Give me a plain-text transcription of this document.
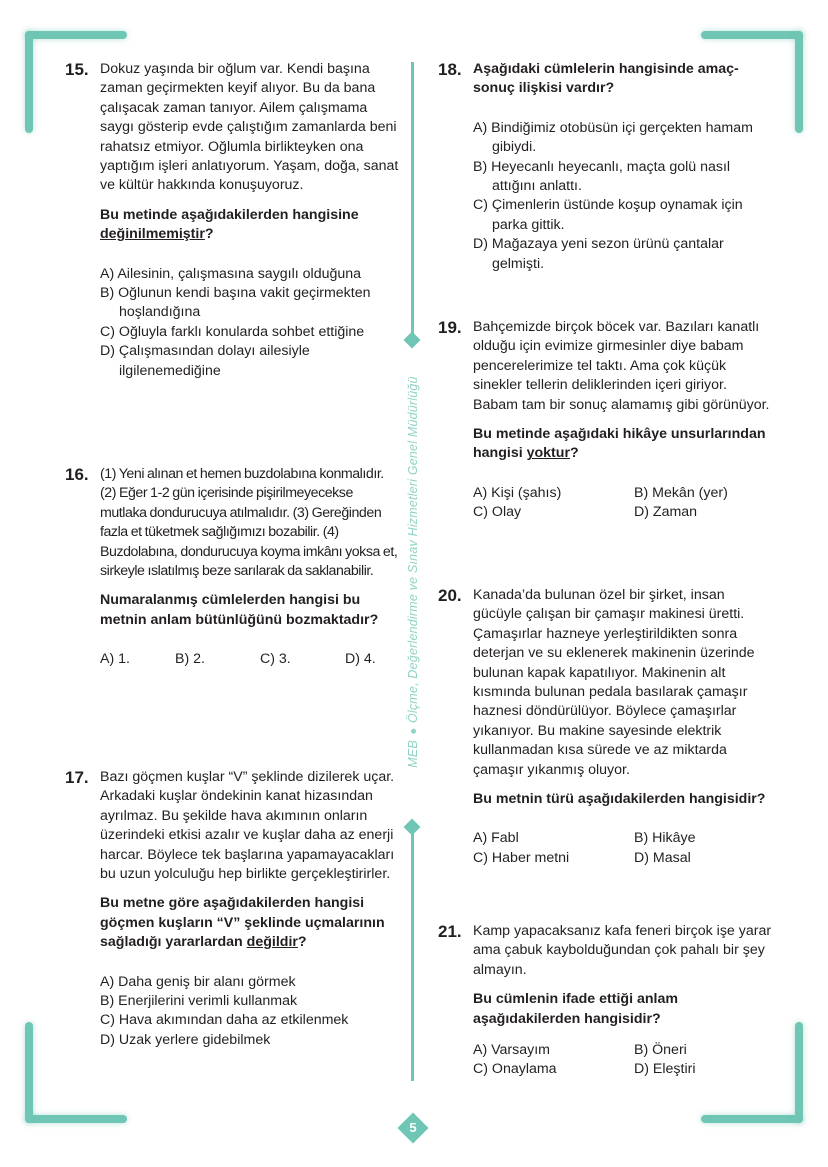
MEBÖlçme, Değerlendirme ve Sınav Hizmetleri Genel Müdürlüğü
5
15. Dokuz yaşında bir oğlum var. Kendi başına zaman geçirmekten keyif alıyor. Bu da bana çalışacak zaman tanıyor. Ailem çalışmama saygı gösterip evde çalıştığım zamanlarda beni rahatsız etmiyor. Oğlumla birlikteyken ona yaptığım işleri anlatıyorum. Yaşam, doğa, sanat ve kültür hakkında konuşuyoruz.

Bu metinde aşağıdakilerden hangisine değinilmemiştir?

A) Ailesinin, çalışmasına saygılı olduğuna
B) Oğlunun kendi başına vakit geçirmekten hoşlandığına
C) Oğluyla farklı konularda sohbet ettiğine
D) Çalışmasından dolayı ailesiyle ilgilenemediğine
16. (1) Yeni alınan et hemen buzdolabına konmalıdır. (2) Eğer 1-2 gün içerisinde pişirilmeyecekse mutlaka dondurucuya atılmalıdır. (3) Gereğinden fazla et tüketmek sağlığımızı bozabilir. (4) Buzdolabına, dondurucuya koyma imkânı yoksa et, sirkeyle ıslatılmış beze sarılarak da saklanabilir.

Numaralanmış cümlelerden hangisi bu metnin anlam bütünlüğünü bozmaktadır?

A) 1.	B) 2.	C) 3.	D) 4.
17. Bazı göçmen kuşlar “V” şeklinde dizilerek uçar. Arkadaki kuşlar öndekinin kanat hizasından ayrılmaz. Bu şekilde hava akımının onların üzerindeki etkisi azalır ve kuşlar daha az enerji harcar. Böylece tek başlarına yapamayacakları bu uzun yolculuğu hep birlikte gerçekleştirirler.

Bu metne göre aşağıdakilerden hangisi göçmen kuşların “V” şeklinde uçmalarının sağladığı yararlardan değildir?

A) Daha geniş bir alanı görmek
B) Enerjilerini verimli kullanmak
C) Hava akımından daha az etkilenmek
D) Uzak yerlere gidebilmek
18. Aşağıdaki cümlelerin hangisinde amaç-sonuç ilişkisi vardır?

A) Bindiğimiz otobüsün içi gerçekten hamam gibiydi.
B) Heyecanlı heyecanlı, maçta golü nasıl attığını anlattı.
C) Çimenlerin üstünde koşup oynamak için parka gittik.
D) Mağazaya yeni sezon ürünü çantalar gelmişti.
19. Bahçemizde birçok böcek var. Bazıları kanatlı olduğu için evimize girmesinler diye babam pencerelerimize tel taktı. Ama çok küçük sinekler tellerin deliklerinden içeri giriyor. Babam tam bir sonuç alamamış gibi görünüyor.

Bu metinde aşağıdaki hikâye unsurlarından hangisi yoktur?

A) Kişi (şahıs)	B) Mekân (yer)
C) Olay	D) Zaman
20. Kanada’da bulunan özel bir şirket, insan gücüyle çalışan bir çamaşır makinesi üretti. Çamaşırlar hazneye yerleştirildikten sonra deterjan ve su eklenerek makinenin üzerinde bulunan kapak kapatılıyor. Makinenin alt kısmında bulunan pedala basılarak çamaşır haznesi döndürülüyor. Böylece çamaşırlar yıkanıyor. Bu makine sayesinde elektrik kullanmadan kısa sürede ve az miktarda çamaşır yıkanmış oluyor.

Bu metnin türü aşağıdakilerden hangisidir?

A) Fabl	B) Hikâye
C) Haber metni	D) Masal
21. Kamp yapacaksanız kafa feneri birçok işe yarar ama çabuk kaybolduğundan çok pahalı bir şey almayın.

Bu cümlenin ifade ettiği anlam aşağıdakilerden hangisidir?

A) Varsayım	B) Öneri
C) Onaylama	D) Eleştiri
